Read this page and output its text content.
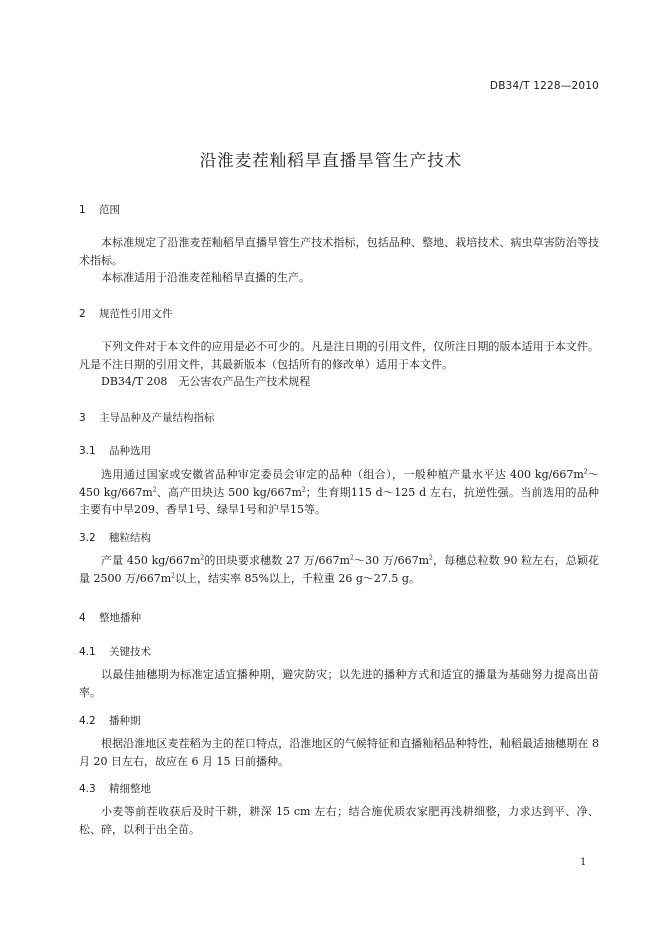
DB34/T 1228—2010
沿淮麦茬籼稻旱直播旱管生产技术
1 范围

本标准规定了沿淮麦茬籼稻旱直播旱管生产技术指标，包括品种、整地、栽培技术、病虫草害防治等技术指标。

本标准适用于沿淮麦茬籼稻旱直播的生产。

2 规范性引用文件

下列文件对于本文件的应用是必不可少的。凡是注日期的引用文件，仅所注日期的版本适用于本文件。凡是不注日期的引用文件，其最新版本（包括所有的修改单）适用于本文件。

DB34/T 208　无公害农产品生产技术规程

3 主导品种及产量结构指标
3.1 品种选用

选用通过国家或安徽省品种审定委员会审定的品种（组合），一般种植产量水平达 400 $kg/667m^2\sim 450$ $kg/667m^2$、高产田块达 500 $kg/667m^2$；生育期115 d～125 d 左右，抗逆性强。当前选用的品种主要有中旱209、香旱1号、绿旱1号和沪旱15等。

3.2 穗粒结构

产量 450 $kg/667m^2$的田块要求穗数 27 万$/667m^2\sim 30$ 万$/667m^2$，每穗总粒数 90 粒左右，总颖花量 2500 万$/667m^2$以上，结实率 85%以上，千粒重 26 g～27.5 g。

4 整地播种
4.1 关键技术

以最佳抽穗期为标准定适宜播种期，避灾防灾；以先进的播种方式和适宜的播量为基础努力提高出苗率。

4.2 播种期

根据沿淮地区麦茬稻为主的茬口特点，沿淮地区的气候特征和直播籼稻品种特性，籼稻最适抽穗期在 8 月 20 日左右，故应在 6 月 15 日前播种。

4.3 精细整地

小麦等前茬收获后及时干耕，耕深 15 cm 左右；结合施优质农家肥再浅耕细整，力求达到平、净、松、碎，以利于出全苗。

1
